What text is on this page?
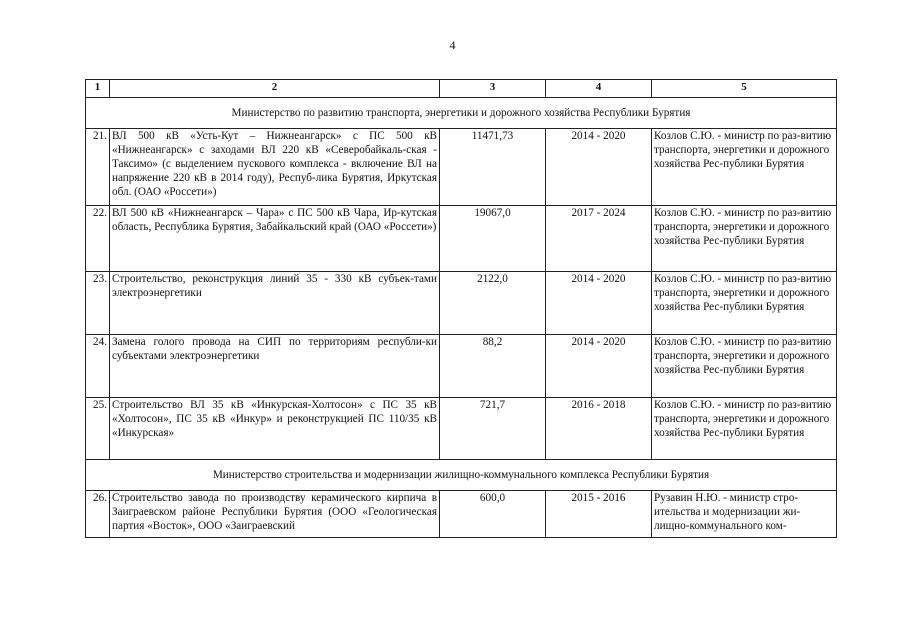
4
1	2	3	4	5
Министерство по развитию транспорта, энергетики и дорожного хозяйства Республики Бурятия				
21.	ВЛ 500 кВ «Усть-Кут – Нижнеангарск» с ПС 500 кВ «Нижнеангарск» с заходами ВЛ 220 кВ «Северобайкаль-ская - Таксимо» (с выделением пускового комплекса - включение ВЛ на напряжение 220 кВ в 2014 году), Респуб-лика Бурятия, Иркутская обл. (ОАО «Россети»)	11471,73	2014 - 2020	Козлов С.Ю. - министр по раз-витию транспорта, энергетики и дорожного хозяйства Рес-публики Бурятия
22.	ВЛ 500 кВ «Нижнеангарск – Чара» с ПС 500 кВ Чара, Ир-кутская область, Республика Бурятия, Забайкальский край (ОАО «Россети»)	19067,0	2017 - 2024	Козлов С.Ю. - министр по раз-витию транспорта, энергетики и дорожного хозяйства Рес-публики Бурятия
23.	Строительство, реконструкция линий 35 - 330 кВ субъек-тами электроэнергетики	2122,0	2014 - 2020	Козлов С.Ю. - министр по раз-витию транспорта, энергетики и дорожного хозяйства Рес-публики Бурятия
24.	Замена голого провода на СИП по территориям республи-ки субъектами электроэнергетики	88,2	2014 - 2020	Козлов С.Ю. - министр по раз-витию транспорта, энергетики и дорожного хозяйства Рес-публики Бурятия
25.	Строительство ВЛ 35 кВ «Инкурская-Холтосон» с ПС 35 кВ «Холтосон», ПС 35 кВ «Инкур» и реконструкцией ПС 110/35 кВ «Инкурская»	721,7	2016 - 2018	Козлов С.Ю. - министр по раз-витию транспорта, энергетики и дорожного хозяйства Рес-публики Бурятия
Министерство строительства и модернизации жилищно-коммунального комплекса Республики Бурятия				
26.	Строительство завода по производству керамического кирпича в Заиграевском районе Республики Бурятия (ООО «Геологическая партия «Восток», ООО «Заиграевский	600,0	2015 - 2016	Рузавин Н.Ю. - министр стро-ительства и модернизации жи-лищно-коммунального ком-
